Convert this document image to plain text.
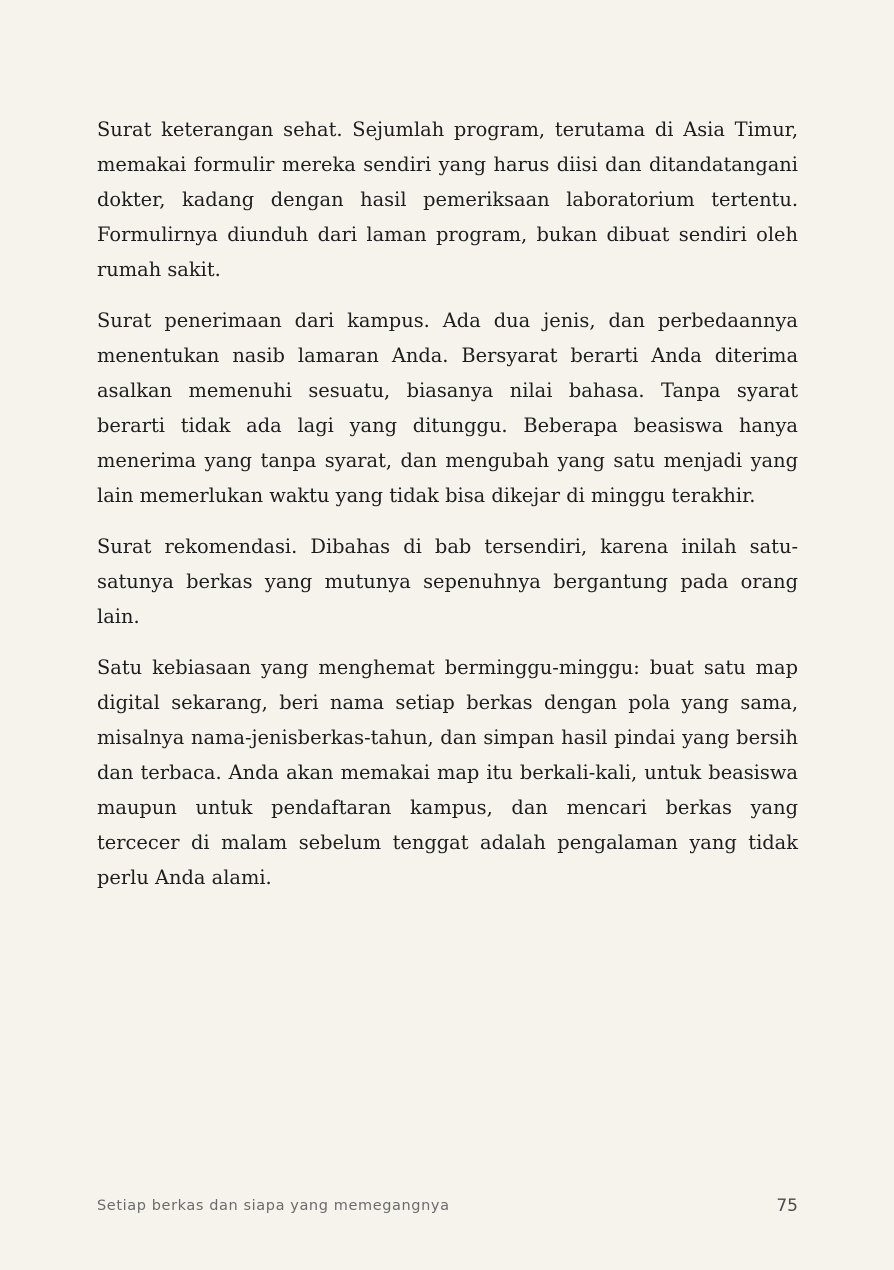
Surat keterangan sehat. Sejumlah program, terutama di Asia Timur, memakai formulir mereka sendiri yang harus diisi dan ditandatangani dokter, kadang dengan hasil pemeriksaan laboratorium tertentu. Formulirnya diunduh dari laman program, bukan dibuat sendiri oleh rumah sakit.

Surat penerimaan dari kampus. Ada dua jenis, dan perbedaannya menentukan nasib lamaran Anda. Bersyarat berarti Anda diterima asalkan memenuhi sesuatu, biasanya nilai bahasa. Tanpa syarat berarti tidak ada lagi yang ditunggu. Beberapa beasiswa hanya menerima yang tanpa syarat, dan mengubah yang satu menjadi yang lain memerlukan waktu yang tidak bisa dikejar di minggu terakhir.

Surat rekomendasi. Dibahas di bab tersendiri, karena inilah satu-satunya berkas yang mutunya sepenuhnya bergantung pada orang lain.

Satu kebiasaan yang menghemat berminggu-minggu: buat satu map digital sekarang, beri nama setiap berkas dengan pola yang sama, misalnya nama-jenisberkas-tahun, dan simpan hasil pindai yang bersih dan terbaca. Anda akan memakai map itu berkali-kali, untuk beasiswa maupun untuk pendaftaran kampus, dan mencari berkas yang tercecer di malam sebelum tenggat adalah pengalaman yang tidak perlu Anda alami.

Setiap berkas dan siapa yang memegangnya	75
